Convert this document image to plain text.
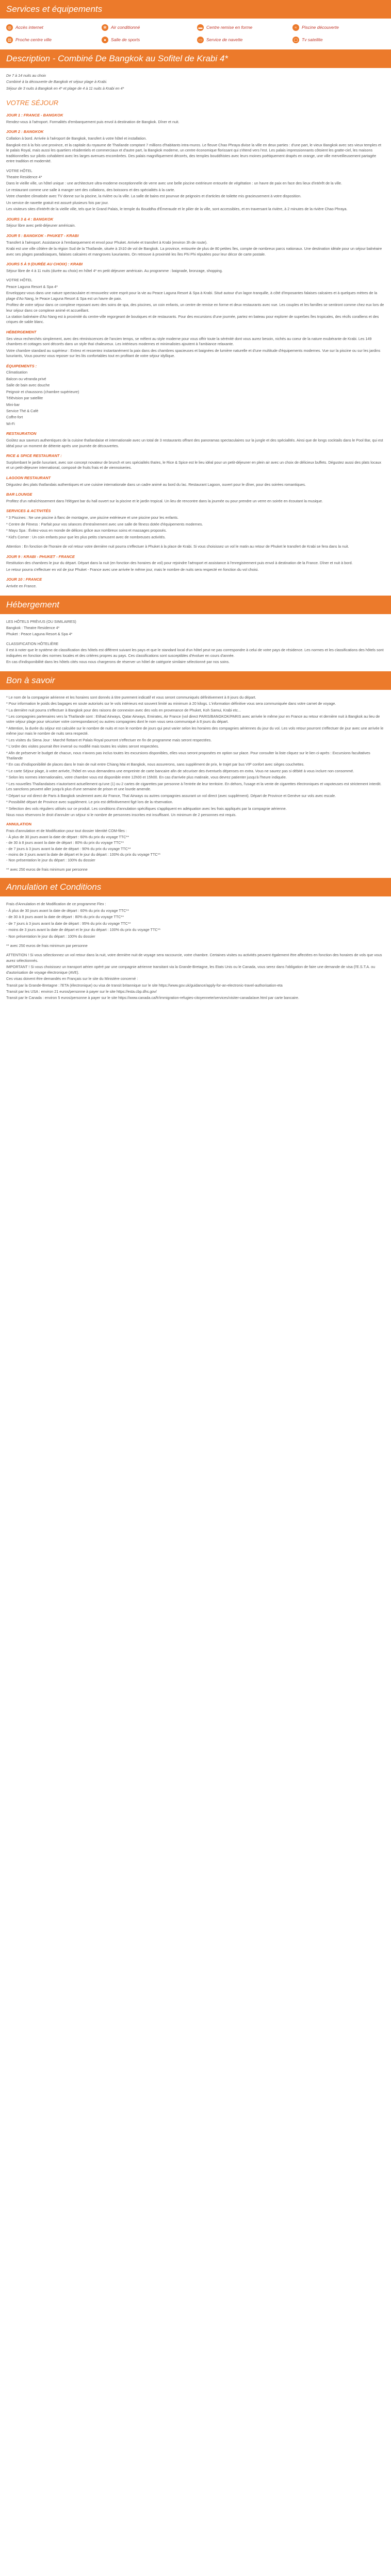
Services et équipements
◎ Accès internet	✻ Air conditionné	▬ Centre remise en forme	≈	Piscine découverte
▥ Proche centre ville	●	Salle de sports	▭ Service de navette	▢ Tv satellite
Description - Combiné De Bangkok au Sofitel de Krabi 4*

De 7 à 14 nuits au choix

Combiné à la découverte de Bangkok et séjour plage à Krabi.

Séjour de 3 nuits à Bangkok en 4* et plage de 4 à 11 nuits à Krabi en 4*

VOTRE SÉJOUR
JOUR 1 : FRANCE - BANGKOK

Rendez-vous à l'aéroport. Formalités d'embarquement puis envol à destination de Bangkok. Dîner et nuit.

JOUR 2 : BANGKOK

Collation à bord. Arrivée à l'aéroport de Bangkok, transfert à votre hôtel et installation.

Bangkok est à la fois une province, et la capitale du royaume de Thaïlande comptant 7 millions d'habitants intra-muros. Le fleuve Chao Phraya divise la ville en deux parties : d'une part, le vieux Bangkok avec ses vieux temples et le palais Royal, mais aussi les quartiers résidentiels et commerciaux et d'autre part, la Bangkok moderne, un centre économique florissant qui s'étend vers l'est. Les palais impressionnants côtoient les gratte-ciel, les maisons traditionnelles sur pilotis cohabitent avec les larges avenues encombrées. Des palais magnifiquement décorés, des temples bouddhistes avec leurs moines poétiquement drapés en orange, une ville merveilleusement partagée entre tradition et modernité.

VOTRE HÔTEL

Theatre Residence 4*

Dans le vieille ville, un hôtel unique : une architecture ultra-moderne exceptionnelle de verre avec une belle piscine extérieure entourée de végétation : un havre de paix en face des lieux d'intérêt de la ville.

Le restaurant comme une salle à manger sert des collations, des boissons et des spécialités à la carte.

Votre chambre climatisée avec TV donne sur la piscine, la rivière ou la ville. La salle de bains est pourvue de peignoirs et d'articles de toilette mis gracieusement à votre disposition.

Un service de navette gratuit est assuré plusieurs fois par jour.

Les visiteurs sites d'intérêt de la vieille ville, tels que le Grand Palais, le temple du Bouddha d'Émeraude et le pilier de la ville, sont accessibles, et en traversant la rivière, à 2 minutes de la rivière Chao Phraya.

JOURS 3 & 4 : BANGKOK

Séjour libre avec petit-déjeuner américain.

JOUR 5 : BANGKOK - PHUKET - KRABI

Transfert à l'aéroport. Assistance à l'embarquement et envol pour Phuket. Arrivée et transfert à Krabi (environ 3h de route).

Krabi est une ville côtière de la région Sud de la Thaïlande, située à 1h10 de vol de Bangkok. La province, entourée de plus de 80 petites îles, compte de nombreux parcs nationaux. Une destination idéale pour un séjour balnéaire avec ses plages paradisiaques, falaises calcaires et mangroves luxuriantes. On retrouve à proximité les îles Phi Phi réputées pour leur décor de carte postale.

JOURS 5 À 9 (DURÉE AU CHOIX) : KRABI

Séjour libre de 4 à 11 nuits (durée au choix) en hôtel 4* en petit déjeuner américain. Au programme : baignade, bronzage, shopping.

VOTRE HÔTEL

Peace Laguna Resort & Spa 4*

Enveloppez-vous dans une nature spectaculaire et renouvelez votre esprit pour la vie au Peace Laguna Resort & Spa à Krabi. Situé autour d'un lagon tranquille, à côté d'imposantes falaises calcaires et à quelques mètres de la plage d'Ao Nang, le Peace Laguna Resort & Spa est un havre de paix.

Profitez de votre séjour dans ce complexe reposant avec des soins de spa, des piscines, un coin enfants, un centre de remise en forme et deux restaurants avec vue. Les couples et les familles se sentiront comme chez eux lors de leur séjour dans ce complexe animé et accueillant.

La station balnéaire d'Ao Nang est à proximité du centre-ville regorgeant de boutiques et de restaurants. Pour des excursions d'une journée, partez en bateau pour explorer de superbes îles tropicales, des récifs coralliens et des criques de sable blanc.

HÉBERGEMENT

Ses vieux recherchés simplement, avec des réminiscences de l'ancien temps, se mêlent au style moderne pour vous offrir toute la sérénité dont vous aurez besoin, nichés au coeur de la nature exubérante de Krabi. Les 149 chambres et cottages sont décorés dans un style thaï chaleureux. Les intérieurs modernes et minimalistes ajoutent à l'ambiance relaxante.

Votre chambre standard au supérieur : Entrez et ressentez instantanément la paix dans des chambres spacieuses et baignées de lumière naturelle et d'une multitude d'équipements modernes. Vue sur la piscine ou sur les jardins luxuriants, Vous pourrez vous reposer sur les lits confortables tout en profitant de votre séjour idyllique.

ÉQUIPEMENTS :

Climatisation

Balcon ou véranda privé

Salle de bain avec douche

Peignoir et chaussons (chambre supérieure)

Télévision par satellite

Mini-bar

Service Thé & Café

Coffre-fort

Wi-Fi

RESTAURATION

Goûtez aux saveurs authentiques de la cuisine thaïlandaise et internationale avec un total de 3 restaurants offrant des panoramas spectaculaires sur la jungle et des spécialités. Ainsi que de longs cocktails dans le Pool Bar, qui est idéal pour un moment de détente après une journée de découvertes.

RICE & SPICE RESTAURANT :

Surplombant le jardin luxuriant, avec son concept novateur de brunch et ses spécialités thaïes, le Rice & Spice est le lieu idéal pour un petit-déjeuner en plein air avec un choix de délicieux buffets. Dégustez aussi des plats locaux et un petit-déjeuner international, composé de fruits frais et de viennoiseries.

LAGOON RESTAURANT

Dégustez des plats thaïlandais authentiques et une cuisine internationale dans un cadre animé au bord du lac. Restaurant Lagoon, ouvert pour le dîner, pour des soirées romantiques.

BAR LOUNGE

Profitez d'un rafraîchissement dans l'élégant bar du hall ouvert sur la piscine et le jardin tropical. Un lieu de rencontre dans la journée ou pour prendre un verre en soirée en écoutant la musique.

SERVICES & ACTIVITÉS

* 3 Piscines : Ne une piscine à flanc de montagne, une piscine extérieure et une piscine pour les enfants.

* Centre de Fitness : Parfait pour vos séances d'entraînement avec une salle de fitness dotée d'équipements modernes.

* Mayu Spa : Évitez-vous en monde de délices grâce aux nombreux soins et massages proposés.

* Kid's Corner : Un coin enfants pour que les plus petits s'amusent avec de nombreuses activités.

Attention : En fonction de l'horaire de vol retour votre dernière nuit pourra s'effectuer à Phuket à la place de Krabi. Si vous choisissez un vol le matin au retour de Phuket le transfert de Krabi se fera dans la nuit.

JOUR 9 : KRABI - PHUKET - FRANCE

Restitution des chambres le jour du départ. Départ dans la nuit (en fonction des horaires de vol) pour rejoindre l'aéroport et assistance à l'enregistrement puis envol à destination de la France. Dîner et nuit à bord.

Le retour pourra s'effectuer en vol de jour Phuket - France avec une arrivée le même jour, mais le nombre de nuits sera respecté en fonction du vol choisi.

JOUR 10 : FRANCE

Arrivée en France.

Hébergement

LES HÔTELS PRÉVUS (OU SIMILAIRES)

Bangkok : Theatre Residence 4*

Phuket : Peace Laguna Resort & Spa 4*

CLASSIFICATION HÔTELIÈRE

Il est à noter que le système de classification des hôtels est différent suivant les pays et que le standard local d'un hôtel peut ne pas correspondre à celui de votre pays de résidence. Les normes et les classifications des hôtels sont indiquées en fonction des normes locales et des critères propres au pays. Ces classifications sont susceptibles d'évoluer en cours d'année.

En cas d'indisponibilité dans les hôtels cités nous nous chargerons de réserver un hôtel de catégorie similaire sélectionné par nos soins.

Bon à savoir

* Le nom de la compagnie aérienne et les horaires sont donnés à titre purement indicatif et vous seront communiqués définitivement à 8 jours du départ.

* Pour information le poids des bagages en soute autorisés sur le vols intérieurs est souvent limité au minimum à 20 kilogs. L'information définitive vous sera communiquée dans votre carnet de voyage.

* La dernière nuit pourra s'effectuer à Bangkok pour des raisons de connexion avec des vols en provenance de Phuket, Koh Samui, Krabi etc...

* Les compagnies partenaires vers la Thaïlande sont : Etihad Airways, Qatar Airways, Emirates, Air France (vol direct PARIS/BANGKOK/PARIS avec arrivée le même jour en France au retour et dernière nuit à Bangkok au lieu de votre séjour plage pour sécuriser votre correspondance) ou autres compagnies dont le nom vous sera communiqué à 8 jours du départ.

* Attention, la durée du séjour est calculée sur le nombre de nuits et non le nombre de jours qui peut varier selon les horaires des compagnies aériennes du jour du vol. Les vols retour pourront s'effectuer de jour avec une arrivée le même jour mais le nombre de nuits sera respecté.

* Les visites du Siena Jour : Marché flottant et Palais Royal pourront s'effectuer en fin de programme mais seront respectées.

* L'ordre des visites pourrait être inversé ou modifié mais toutes les visites seront respectées.

* Afin de préserver le budget de chacun, nous n'avons pas inclus toutes les excursions disponibles, elles vous seront proposées en option sur place. Pour consulter la liste cliquez sur le lien ci-après : Excursions facultatives Thaïlande

* En cas d'indisponibilité de places dans le train de nuit entre Chiang Mai et Bangkok, nous assurerons, sans supplément de prix, le trajet par bus VIP confort avec sièges couchettes.

* Le carte Séjour plage, à votre arrivée, l'hôtel en vous demandera une empreinte de carte bancaire afin de sécuriser des éventuels dépenses en extra. Vous ne saurez pas si débité à vous inclure non consommé.

* Selon les normes internationales, votre chambre vous est disponible entre 12h00 et 15h00. En cas d'arrivée plus matinale, vous devrez patienter jusqu'à l'heure indiquée.

* Les nouvelles Thaïlandaises n'autorisent actuellement qu'une (1) ou 2 cartes de cigarettes par personne à l'entrée de leur territoire. En dehors, l'usage et la vente de cigarettes électroniques et vapoteuses est strictement interdit. Les sanctions peuvent aller jusqu'à plus d'une semaine de prison et une lourde amende.

* Départ sur vol direct de Paris à Bangkok seulement avec Air France, Thaï Airways ou autres compagnies assurant un vol direct (avec supplément). Départ de Province et Genève sur vols avec escale.

* Possibilité départ de Province avec supplément. Le prix est définitivement figé lors de la réservation.

* Sélection des vols réguliers utilisés sur ce produit. Les conditions d'annulation spécifiques s'appliquent en adéquation avec les frais appliqués par la compagnie aérienne.

Nous nous réservons le droit d'annuler un séjour si le nombre de personnes inscrites est insuffisant. Un minimum de 2 personnes est requis.

ANNULATION

Frais d'annulation et de Modification pour tout dossier Identité COM-files :

- À plus de 30 jours avant la date de départ : 60% du prix du voyage TTC**

- de 30 à 8 jours avant la date de départ : 80% du prix du voyage TTC**

- de 7 jours à 3 jours avant la date de départ : 90% du prix du voyage TTC**

- moins de 3 jours avant la date de départ et le jour du départ : 100% du prix du voyage TTC**

- Non présentation le jour du départ : 100% du dossier

** avec 250 euros de frais minimum par personne

Annulation et Conditions

Frais d'Annulation et de Modification de ce programme Flex :

- À plus de 30 jours avant la date de départ : 60% du prix du voyage TTC**

- de 30 à 8 jours avant la date de départ : 80% du prix du voyage TTC**

- de 7 jours à 3 jours avant la date de départ : 95% du prix du voyage TTC**

- moins de 3 jours avant la date de départ et le jour du départ : 100% du prix du voyage TTC**

- Non présentation le jour du départ : 100% du dossier

** avec 250 euros de frais minimum par personne

ATTENTION ! Si vous sélectionnez un vol retour dans la nuit, votre dernière nuit de voyage sera raccourcie, votre chambre. Certaines visites ou activités peuvent également être affectées en fonction des horaires de vols que vous aurez sélectionnés.

IMPORTANT ! Si vous choisissez un transport aérien opéré par une compagnie aérienne transitant via la Grande-Bretagne, les Etats Unis ou le Canada, vous serez dans l'obligation de faire une demande de visa (l'E.S.T.A. ou d'autorisation de voyage électronique (AVE).

Ces visas doivent être demandés en Français sur le site du Ministère concerné :

Transit par la Grande-Bretagne : l'ETA (électronique) ou visa de transit britannique sur le site https://www.gov.uk/guidance/apply-for-an-electronic-travel-authorisation-eta

Transit par les USA : environ 21 euros/personne à payer sur le site https://esta.cbp.dhs.gov/

Transit par le Canada : environ 5 euros/personne à payer sur le site https://www.canada.ca/fr/immigration-refugies-citoyennete/services/visiter-canada/ave.html par carte bancaire.
